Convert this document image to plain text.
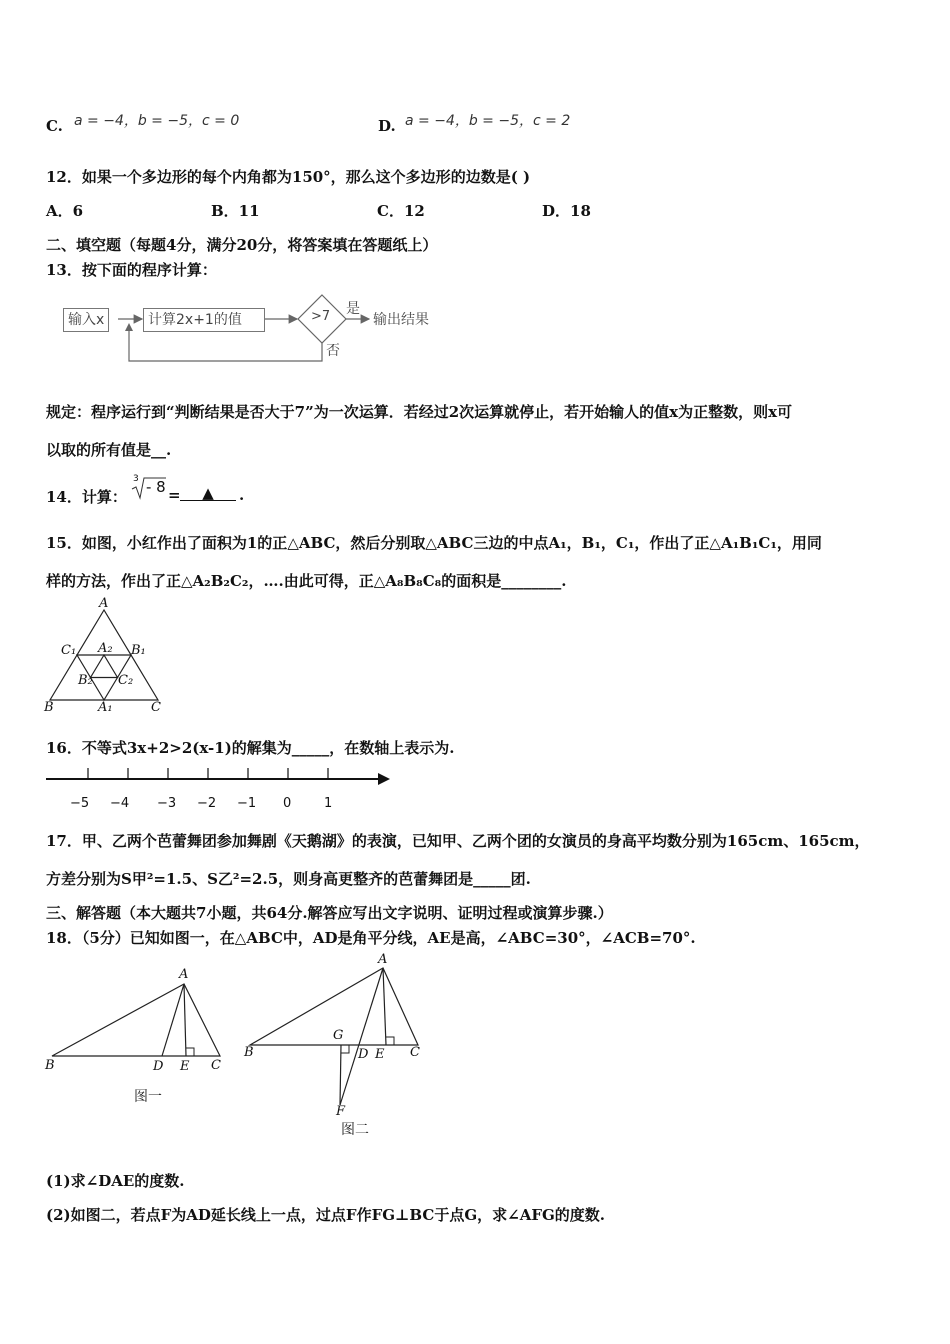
C. a = −4，b = −5，c = 0	D. a = −4，b = −5，c = 2
12．如果一个多边形的每个内角都为150°，那么这个多边形的边数是( )
A．6	B．11	C．12	D．18
二、填空题（每题4分，满分20分，将答案填在答题纸上）
13．按下面的程序计算：
输入x	计算2x+1的值	>7 是
否
输出结果
规定：程序运行到“判断结果是否大于7”为一次运算．若经过2次运算就停止，若开始输人的值x为正整数，则x可
以取的所有值是__.
14．计算：
3 - 8 =	▲	.
15．如图，小红作出了面积为1的正△ABC，然后分别取△ABC三边的中点A₁，B₁，C₁，作出了正△A₁B₁C₁，用同
样的方法，作出了正△A₂B₂C₂，….由此可得，正△A₈B₈C₈的面积是________.
A
B	C
A₁
B₁
C₁ A₂
B₂ C₂
16．不等式3x+2>2(x-1)的解集为_____，在数轴上表示为.
−5 −4 −3 −2 −1 0	1
17．甲、乙两个芭蕾舞团参加舞剧《天鹅湖》的表演，已知甲、乙两个团的女演员的身高平均数分别为165cm、165cm，
方差分别为S甲²=1.5、S乙²=2.5，则身高更整齐的芭蕾舞团是_____团.
三、解答题（本大题共7小题，共64分.解答应写出文字说明、证明过程或演算步骤.）
18．（5分）已知如图一，在△ABC中，AD是角平分线，AE是高，∠ABC=30°，∠ACB=70°.
A
B	C
D E
图一
A
B	C
D E
F
G
图二
(1)求∠DAE的度数.
(2)如图二，若点F为AD延长线上一点，过点F作FG⊥BC于点G，求∠AFG的度数.
